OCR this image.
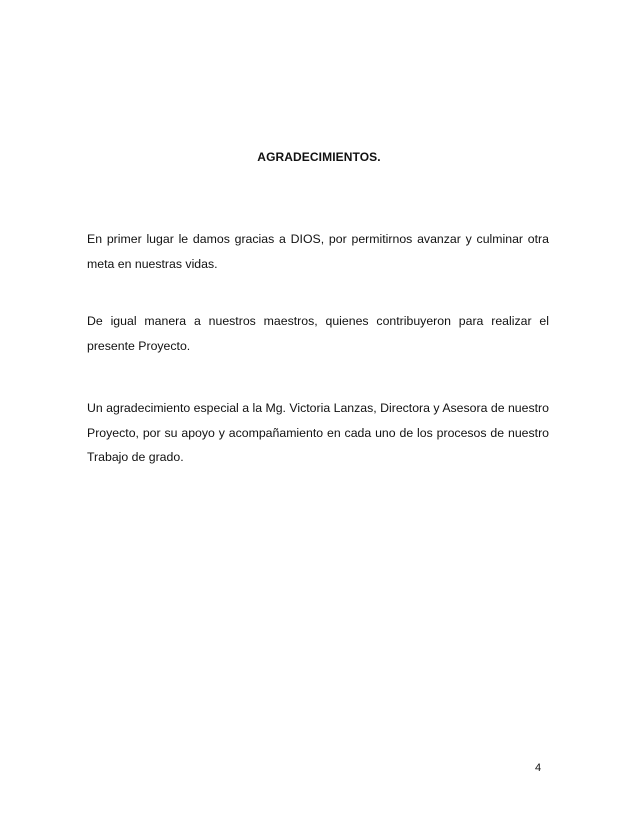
AGRADECIMIENTOS.

En primer lugar le damos gracias a DIOS, por permitirnos avanzar y culminar otra meta en nuestras vidas.

De igual manera a nuestros maestros, quienes contribuyeron para realizar el presente Proyecto.

Un agradecimiento especial a la Mg. Victoria Lanzas, Directora y Asesora de nuestro Proyecto, por su apoyo y acompañamiento en cada uno de los procesos de nuestro Trabajo de grado.

4
